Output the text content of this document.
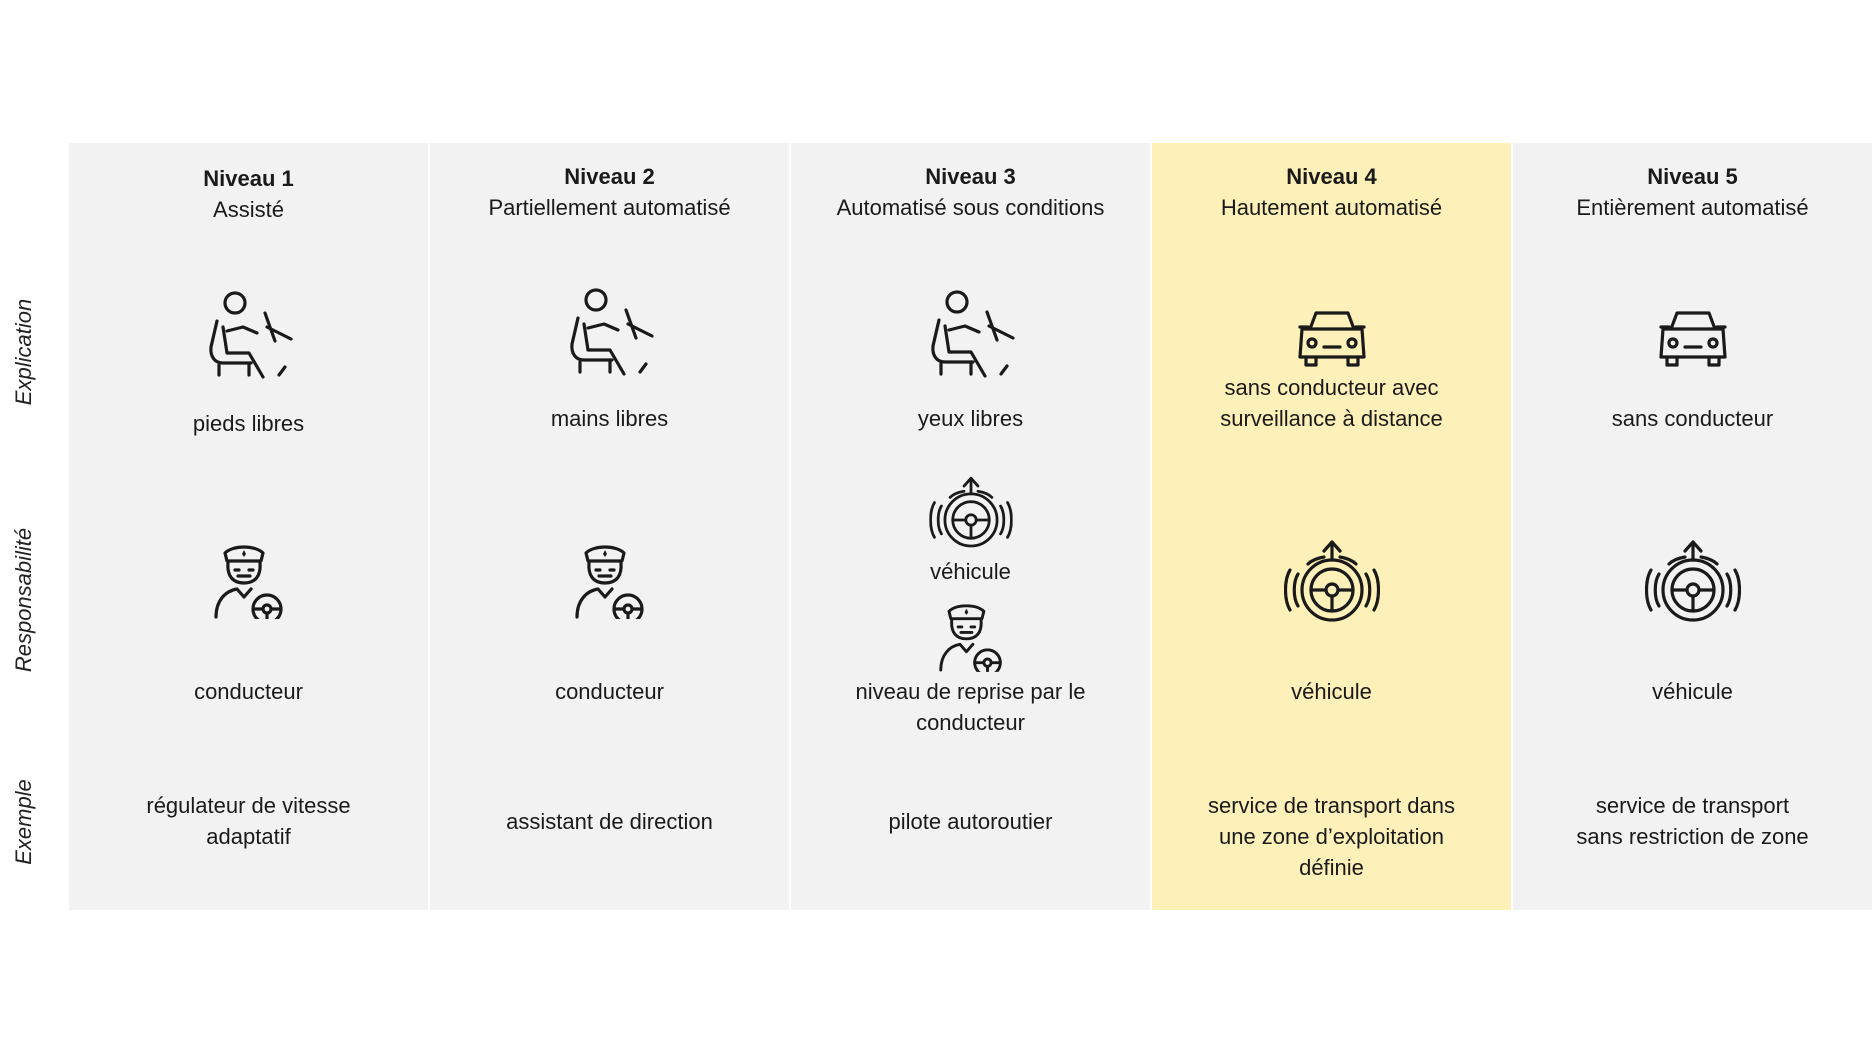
Explication
Responsabilité
Exemple
Niveau 1
Assisté
pieds libres
conducteur
régulateur de vitesse
adaptatif
Niveau 2
Partiellement automatisé
mains libres
conducteur
assistant de direction
Niveau 3
Automatisé sous conditions
yeux libres
véhicule
niveau de reprise par le
conducteur
pilote autoroutier
Niveau 4
Hautement automatisé
sans conducteur avec
surveillance à distance
véhicule
service de transport dans
une zone d’exploitation
définie
Niveau 5
Entièrement automatisé
sans conducteur
véhicule
service de transport
sans restriction de zone
